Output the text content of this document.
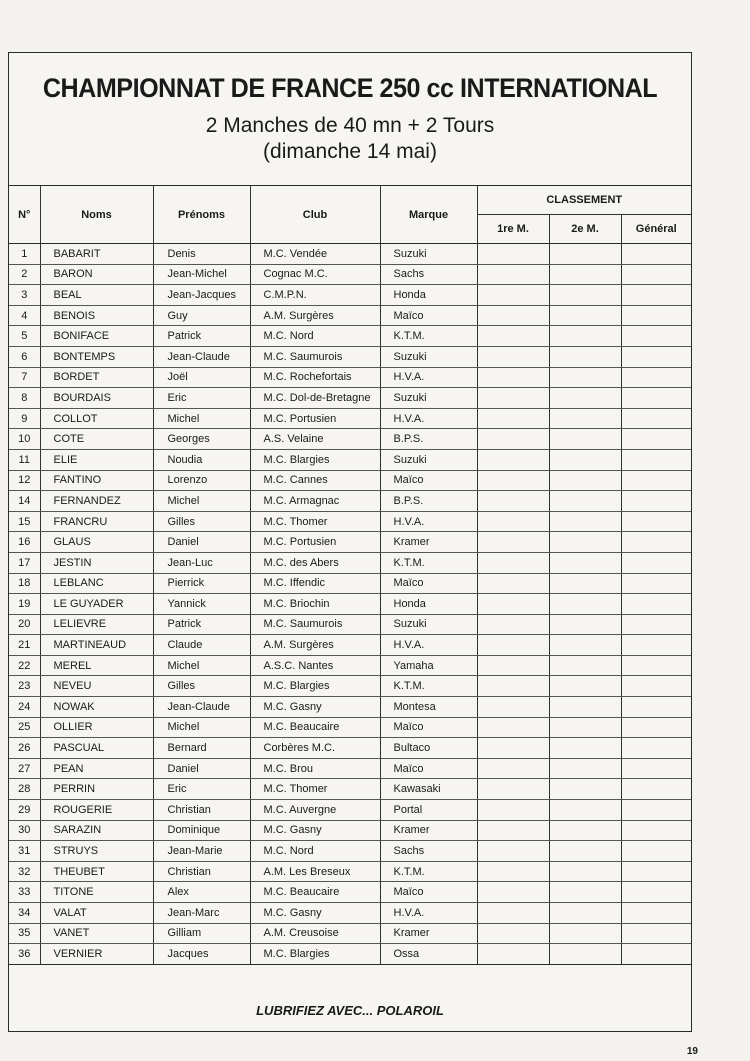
CHAMPIONNAT DE FRANCE 250 cc INTERNATIONAL
2 Manches de 40 mn + 2 Tours
(dimanche 14 mai)
N°	Noms	Prénoms	Club	Marque	CLASSEMENT		
					1re M.	2e M.	Général
1	BABARIT	Denis	M.C. Vendée	Suzuki			
2	BARON	Jean-Michel	Cognac M.C.	Sachs			
3	BEAL	Jean-Jacques	C.M.P.N.	Honda			
4	BENOIS	Guy	A.M. Surgères	Maïco			
5	BONIFACE	Patrick	M.C. Nord	K.T.M.			
6	BONTEMPS	Jean-Claude	M.C. Saumurois	Suzuki			
7	BORDET	Joël	M.C. Rochefortais	H.V.A.			
8	BOURDAIS	Eric	M.C. Dol-de-Bretagne	Suzuki			
9	COLLOT	Michel	M.C. Portusien	H.V.A.			
10	COTE	Georges	A.S. Velaine	B.P.S.			
11	ELIE	Noudia	M.C. Blargies	Suzuki			
12	FANTINO	Lorenzo	M.C. Cannes	Maïco			
14	FERNANDEZ	Michel	M.C. Armagnac	B.P.S.			
15	FRANCRU	Gilles	M.C. Thomer	H.V.A.			
16	GLAUS	Daniel	M.C. Portusien	Kramer			
17	JESTIN	Jean-Luc	M.C. des Abers	K.T.M.			
18	LEBLANC	Pierrick	M.C. Iffendic	Maïco			
19	LE GUYADER	Yannick	M.C. Briochin	Honda			
20	LELIEVRE	Patrick	M.C. Saumurois	Suzuki			
21	MARTINEAUD	Claude	A.M. Surgères	H.V.A.			
22	MEREL	Michel	A.S.C. Nantes	Yamaha			
23	NEVEU	Gilles	M.C. Blargies	K.T.M.			
24	NOWAK	Jean-Claude	M.C. Gasny	Montesa			
25	OLLIER	Michel	M.C. Beaucaire	Maïco			
26	PASCUAL	Bernard	Corbères M.C.	Bultaco			
27	PEAN	Daniel	M.C. Brou	Maïco			
28	PERRIN	Eric	M.C. Thomer	Kawasaki			
29	ROUGERIE	Christian	M.C. Auvergne	Portal			
30	SARAZIN	Dominique	M.C. Gasny	Kramer			
31	STRUYS	Jean-Marie	M.C. Nord	Sachs			
32	THEUBET	Christian	A.M. Les Breseux	K.T.M.			
33	TITONE	Alex	M.C. Beaucaire	Maïco			
34	VALAT	Jean-Marc	M.C. Gasny	H.V.A.			
35	VANET	Gilliam	A.M. Creusoise	Kramer			
36	VERNIER	Jacques	M.C. Blargies	Ossa			
LUBRIFIEZ AVEC... POLAROIL
19
